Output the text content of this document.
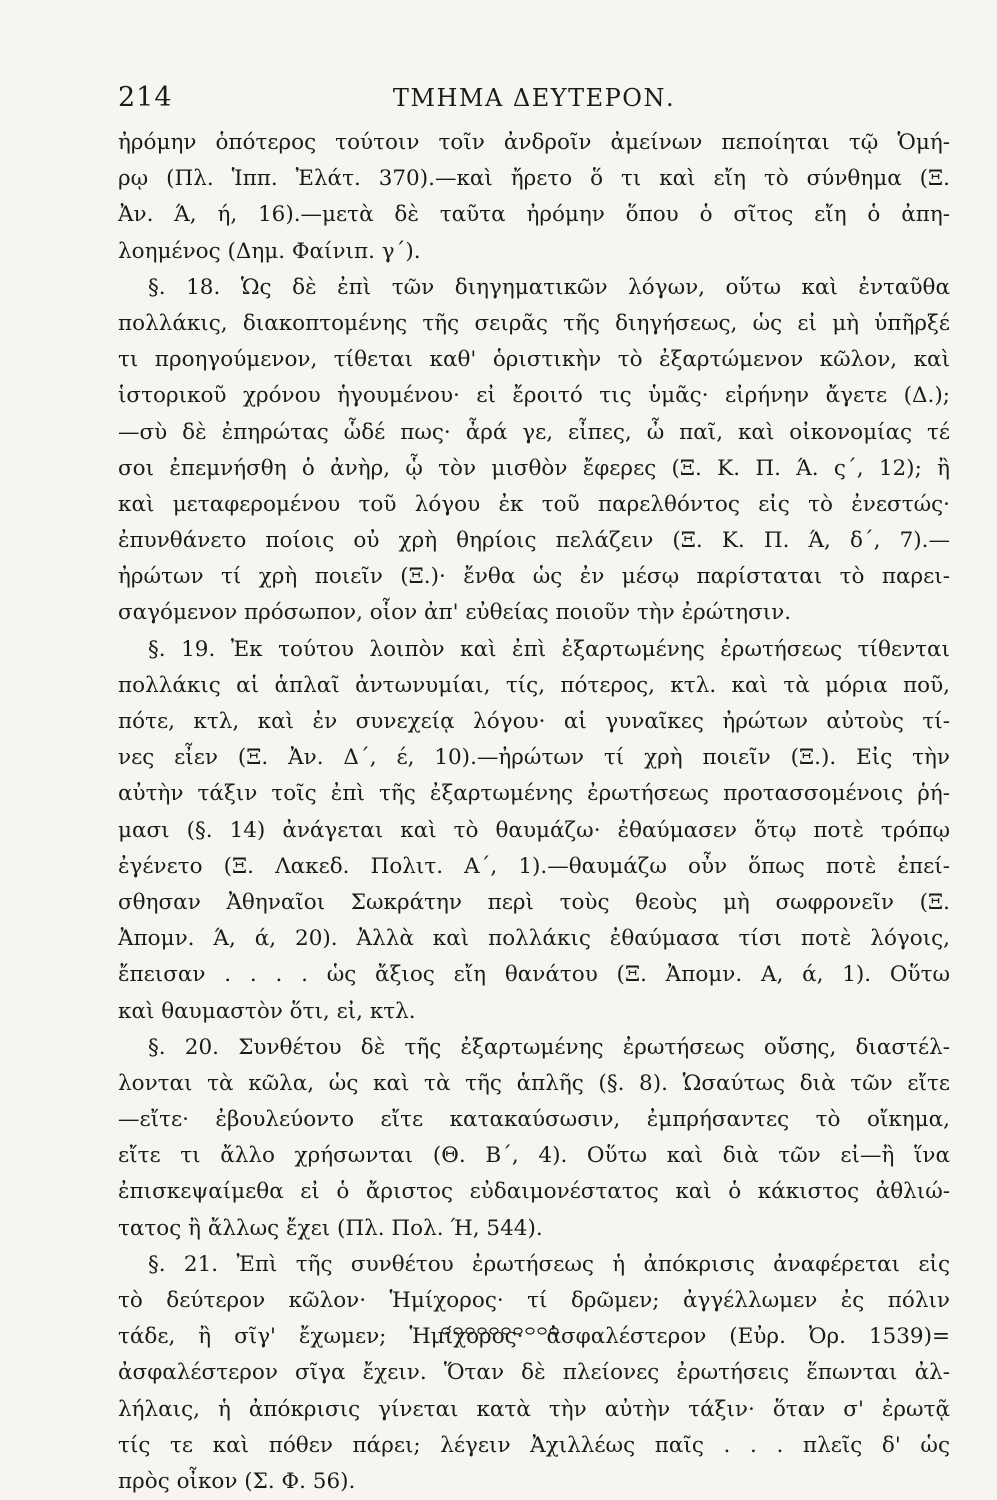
214	ΤΜΗΜΑ ΔΕΥΤΕΡΟΝ.
ἠρόμην ὁπότερος τούτοιν τοῖν ἀνδροῖν ἀμείνων πεποίηται τῷ Ὁμή-
ρῳ (Πλ. Ἱππ. Ἐλάτ. 370).—καὶ ἤρετο ὅ τι καὶ εἴη τὸ σύνθημα (Ξ.
Ἀν. Ά, ή, 16).—μετὰ δὲ ταῦτα ἠρόμην ὅπου ὁ σῖτος εἴη ὁ ἀπη-
λοημένος (Δημ. Φαίνιπ. γ΄).
§. 18. Ὡς δὲ ἐπὶ τῶν διηγηματικῶν λόγων, οὕτω καὶ ἐνταῦθα
πολλάκις, διακοπτομένης τῆς σειρᾶς τῆς διηγήσεως, ὡς εἰ μὴ ὑπῆρξέ
τι προηγούμενον, τίθεται καθ' ὁριστικὴν τὸ ἐξαρτώμενον κῶλον, καὶ
ἱστορικοῦ χρόνου ἡγουμένου· εἰ ἔροιτό τις ὑμᾶς· εἰρήνην ἄγετε (Δ.);
—σὺ δὲ ἐπηρώτας ὧδέ πως· ἆρά γε, εἶπες, ὦ παῖ, καὶ οἰκονομίας τέ
σοι ἐπεμνήσθη ὁ ἀνὴρ, ᾧ τὸν μισθὸν ἔφερες (Ξ. Κ. Π. Ά. ς΄, 12); ἢ
καὶ μεταφερομένου τοῦ λόγου ἐκ τοῦ παρελθόντος εἰς τὸ ἐνεστώς·
ἐπυνθάνετο ποίοις οὐ χρὴ θηρίοις πελάζειν (Ξ. Κ. Π. Ά, δ΄, 7).—
ἠρώτων τί χρὴ ποιεῖν (Ξ.)· ἔνθα ὡς ἐν μέσῳ παρίσταται τὸ παρει-
σαγόμενον πρόσωπον, οἷον ἀπ' εὐθείας ποιοῦν τὴν ἐρώτησιν.
§. 19. Ἐκ τούτου λοιπὸν καὶ ἐπὶ ἐξαρτωμένης ἐρωτήσεως τίθενται
πολλάκις αἱ ἁπλαῖ ἀντωνυμίαι, τίς, πότερος, κτλ. καὶ τὰ μόρια ποῦ,
πότε, κτλ, καὶ ἐν συνεχείᾳ λόγου· αἱ γυναῖκες ἠρώτων αὐτοὺς τί-
νες εἶεν (Ξ. Ἀν. Δ΄, έ, 10).—ἠρώτων τί χρὴ ποιεῖν (Ξ.). Εἰς τὴν
αὐτὴν τάξιν τοῖς ἐπὶ τῆς ἐξαρτωμένης ἐρωτήσεως προτασσομένοις ῥή-
μασι (§. 14) ἀνάγεται καὶ τὸ θαυμάζω· ἐθαύμασεν ὅτῳ ποτὲ τρόπῳ
ἐγένετο (Ξ. Λακεδ. Πολιτ. Α΄, 1).—θαυμάζω οὖν ὅπως ποτὲ ἐπεί-
σθησαν Ἀθηναῖοι Σωκράτην περὶ τοὺς θεοὺς μὴ σωφρονεῖν (Ξ.
Ἀπομν. Ά, ά, 20). Ἀλλὰ καὶ πολλάκις ἐθαύμασα τίσι ποτὲ λόγοις,
ἔπεισαν . . . . ὡς ἄξιος εἴη θανάτου (Ξ. Ἀπομν. Α, ά, 1). Οὕτω
καὶ θαυμαστὸν ὅτι, εἰ, κτλ.
§. 20. Συνθέτου δὲ τῆς ἐξαρτωμένης ἐρωτήσεως οὔσης, διαστέλ-
λονται τὰ κῶλα, ὡς καὶ τὰ τῆς ἁπλῆς (§. 8). Ὡσαύτως διὰ τῶν εἴτε
—εἴτε· ἐβουλεύοντο εἴτε κατακαύσωσιν, ἐμπρήσαντες τὸ οἴκημα,
εἴτε τι ἄλλο χρήσωνται (Θ. Β΄, 4). Οὕτω καὶ διὰ τῶν εἰ—ἢ ἵνα
ἐπισκεψαίμεθα εἰ ὁ ἄριστος εὐδαιμονέστατος καὶ ὁ κάκιστος ἀθλιώ-
τατος ἢ ἄλλως ἔχει (Πλ. Πολ. Ή, 544).
§. 21. Ἐπὶ τῆς συνθέτου ἐρωτήσεως ἡ ἀπόκρισις ἀναφέρεται εἰς
τὸ δεύτερον κῶλον· Ἡμίχορος· τί δρῶμεν; ἀγγέλλωμεν ἐς πόλιν
τάδε, ἢ σῖγ' ἔχωμεν; Ἡμίχορος· ἀσφαλέστερον (Εὐρ. Ὀρ. 1539)=
ἀσφαλέστερον σῖγα ἔχειν. Ὅταν δὲ πλείονες ἐρωτήσεις ἕπωνται ἀλ-
λήλαις, ἡ ἀπόκρισις γίνεται κατὰ τὴν αὐτὴν τάξιν· ὅταν σ' ἐρωτᾷ
τίς τε καὶ πόθεν πάρει; λέγειν Ἀχιλλέως παῖς . . . πλεῖς δ' ὡς
πρὸς οἶκον (Σ. Φ. 56).
